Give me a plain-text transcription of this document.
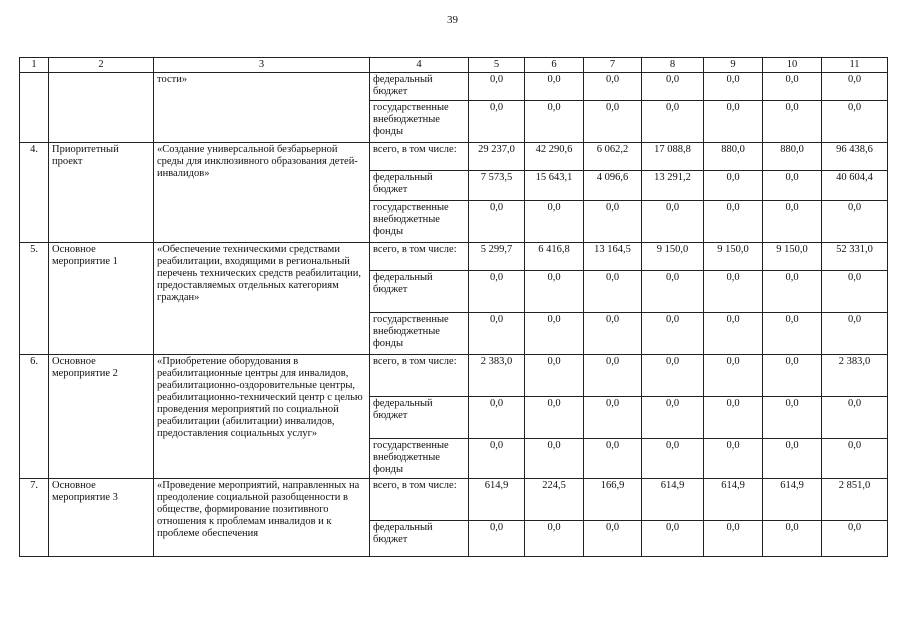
39
1	2	3	4	5	6	7	8	9	10	11
		тости»	федеральный бюджет	0,0	0,0	0,0	0,0	0,0	0,0	0,0
			государственные внебюджетные фонды	0,0	0,0	0,0	0,0	0,0	0,0	0,0
4.	Приоритетный проект	«Создание универсальной безбарьерной среды для инклюзивного образования детей-инвалидов»	всего, в том числе:	29 237,0	42 290,6	6 062,2	17 088,8	880,0	880,0	96 438,6
			федеральный бюджет	7 573,5	15 643,1	4 096,6	13 291,2	0,0	0,0	40 604,4
			государственные внебюджетные фонды	0,0	0,0	0,0	0,0	0,0	0,0	0,0
5.	Основное мероприятие 1	«Обеспечение техническими средствами реабилитации, входящими в региональный перечень технических средств реабилитации, предоставляемых отдельных категориям граждан»	всего, в том числе:	5 299,7	6 416,8	13 164,5	9 150,0	9 150,0	9 150,0	52 331,0
			федеральный бюджет	0,0	0,0	0,0	0,0	0,0	0,0	0,0
			государственные внебюджетные фонды	0,0	0,0	0,0	0,0	0,0	0,0	0,0
6.	Основное мероприятие 2	«Приобретение оборудования в реабилитационные центры для инвалидов, реабилитационно-оздоровительные центры, реабилитационно-технический центр с целью проведения мероприятий по социальной реабилитации (абилитации) инвалидов, предоставления социальных услуг»	всего, в том числе:	2 383,0	0,0	0,0	0,0	0,0	0,0	2 383,0
			федеральный бюджет	0,0	0,0	0,0	0,0	0,0	0,0	0,0
			государственные внебюджетные фонды	0,0	0,0	0,0	0,0	0,0	0,0	0,0
7.	Основное мероприятие 3	«Проведение мероприятий, направленных на преодоление социальной разобщенности в обществе, формирование позитивного отношения к проблемам инвалидов и к проблеме обеспечения	всего, в том числе:	614,9	224,5	166,9	614,9	614,9	614,9	2 851,0
			федеральный бюджет	0,0	0,0	0,0	0,0	0,0	0,0	0,0
